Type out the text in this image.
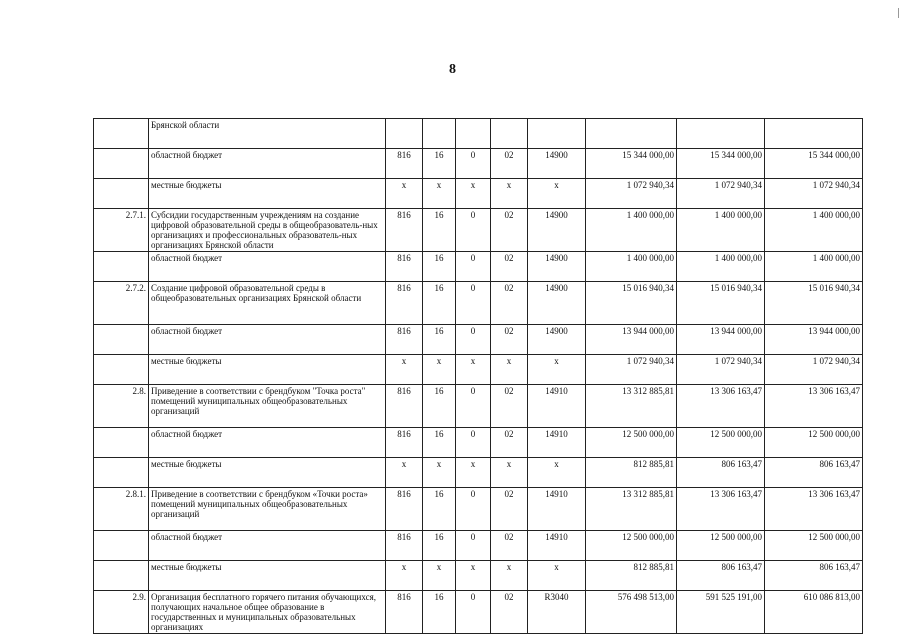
8
	Брянской области								
	областной бюджет	816	16	0	02	14900	15 344 000,00	15 344 000,00	15 344 000,00
	местные бюджеты	x	x	x	x	x	1 072 940,34	1 072 940,34	1 072 940,34
2.7.1.	Субсидии государственным учреждениям на создание цифровой образовательной среды в общеобразователь-ных организациях и профессиональных образователь-ных организациях Брянской области	816	16	0	02	14900	1 400 000,00	1 400 000,00	1 400 000,00
	областной бюджет	816	16	0	02	14900	1 400 000,00	1 400 000,00	1 400 000,00
2.7.2.	Создание цифровой образовательной среды в общеобразовательных организациях Брянской области	816	16	0	02	14900	15 016 940,34	15 016 940,34	15 016 940,34
	областной бюджет	816	16	0	02	14900	13 944 000,00	13 944 000,00	13 944 000,00
	местные бюджеты	x	x	x	x	x	1 072 940,34	1 072 940,34	1 072 940,34
2.8.	Приведение в соответствии с брендбуком "Точка роста" помещений муниципальных общеобразовательных организаций	816	16	0	02	14910	13 312 885,81	13 306 163,47	13 306 163,47
	областной бюджет	816	16	0	02	14910	12 500 000,00	12 500 000,00	12 500 000,00
	местные бюджеты	x	x	x	x	x	812 885,81	806 163,47	806 163,47
2.8.1.	Приведение в соответствии с брендбуком «Точки роста» помещений муниципальных общеобразовательных организаций	816	16	0	02	14910	13 312 885,81	13 306 163,47	13 306 163,47
	областной бюджет	816	16	0	02	14910	12 500 000,00	12 500 000,00	12 500 000,00
	местные бюджеты	x	x	x	x	x	812 885,81	806 163,47	806 163,47
2.9.	Организация бесплатного горячего питания обучающихся, получающих начальное общее образование в государственных и муниципальных образовательных организациях	816	16	0	02	R3040	576 498 513,00	591 525 191,00	610 086 813,00
